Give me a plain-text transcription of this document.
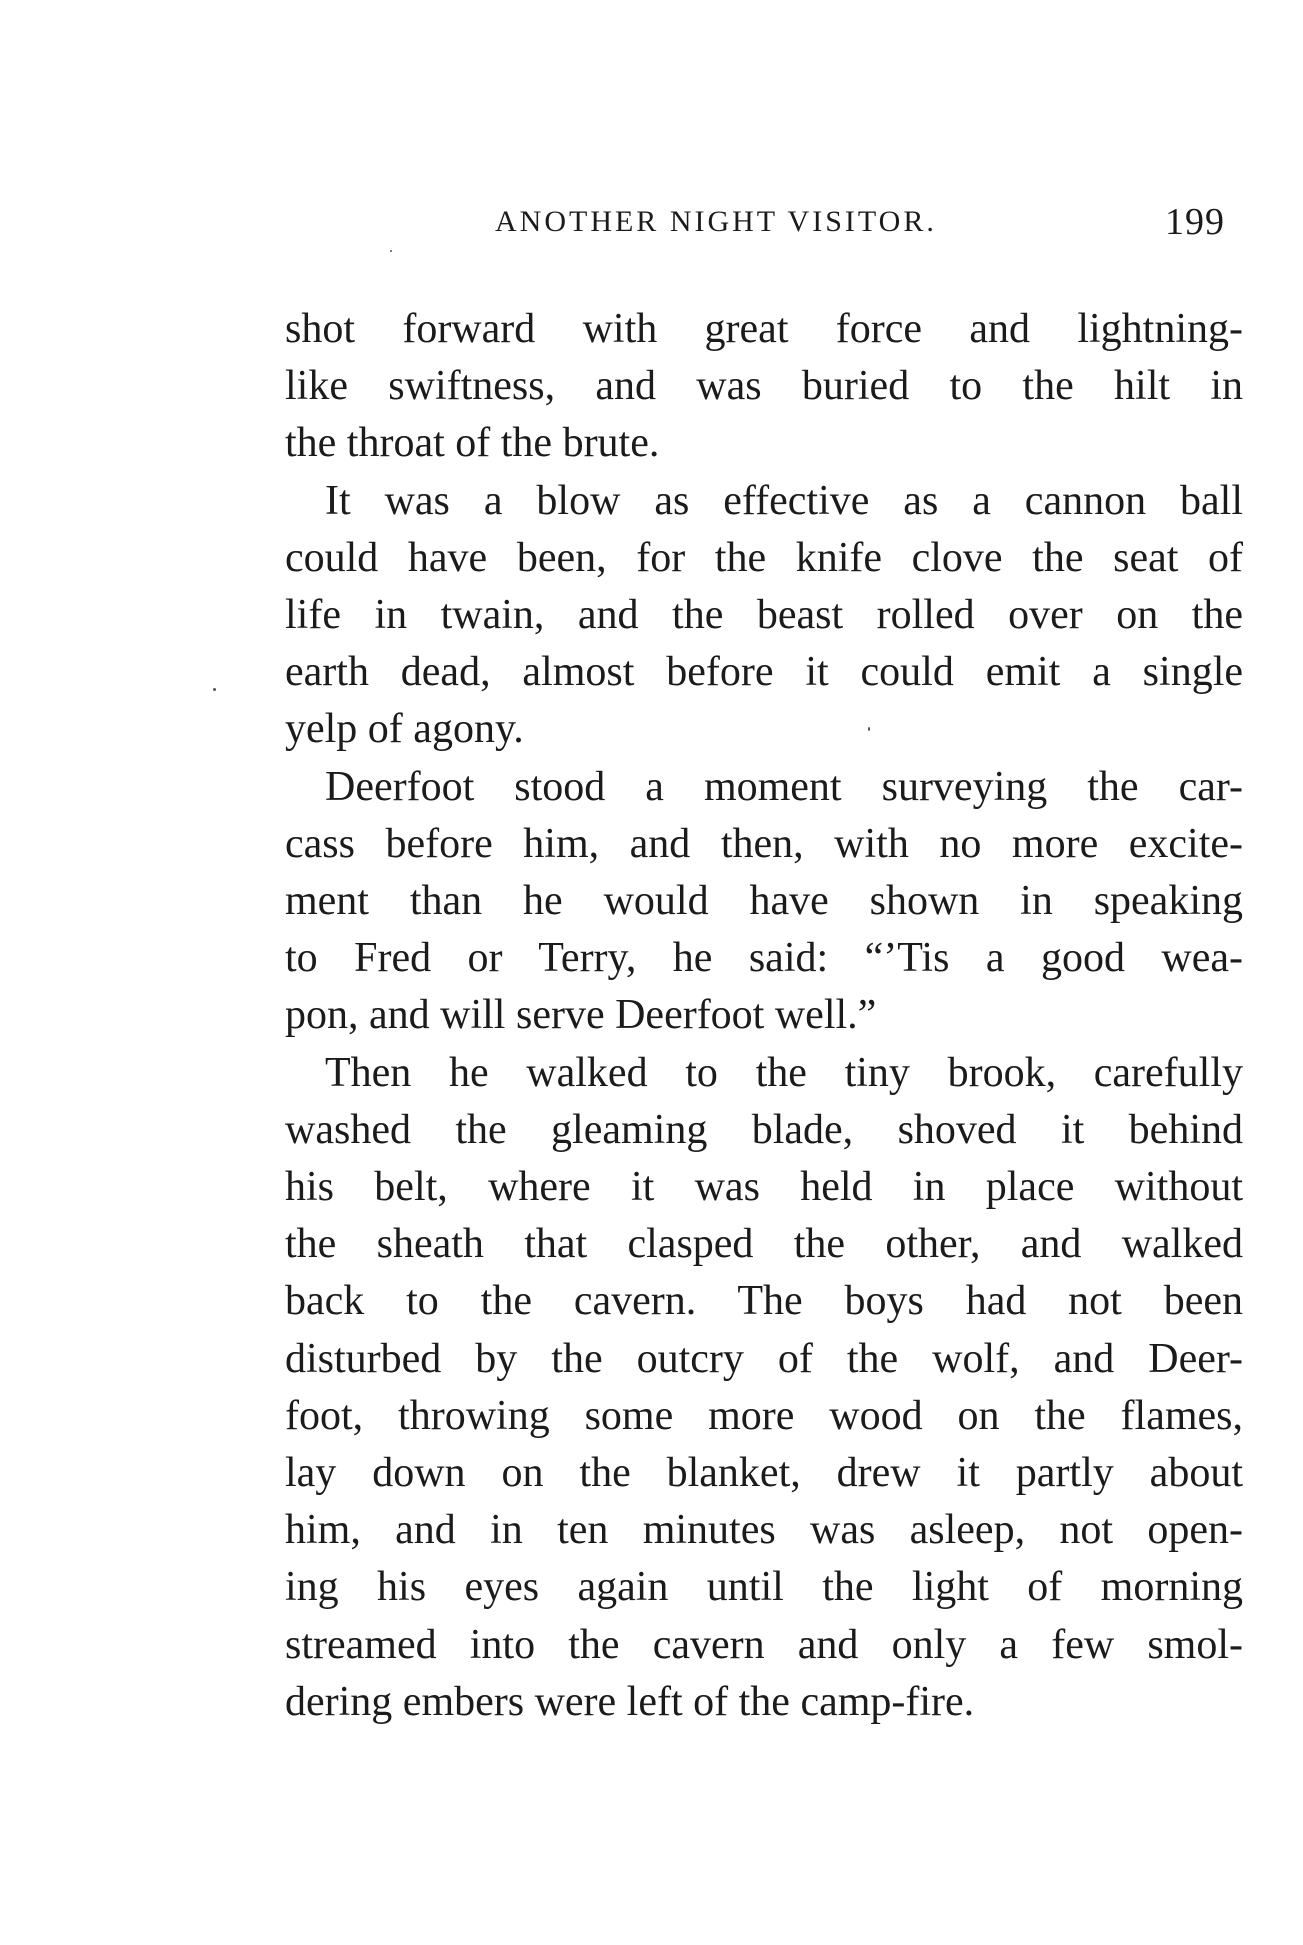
ANOTHER NIGHT VISITOR.	199
shot forward with great force and lightning-
like swiftness, and was buried to the hilt in
the throat of the brute.
It was a blow as effective as a cannon ball
could have been, for the knife clove the seat of
life in twain, and the beast rolled over on the
earth dead, almost before it could emit a single
yelp of agony.
Deerfoot stood a moment surveying the car-
cass before him, and then, with no more excite-
ment than he would have shown in speaking
to Fred or Terry, he said: “’Tis a good wea-
pon, and will serve Deerfoot well.”
Then he walked to the tiny brook, carefully
washed the gleaming blade, shoved it behind
his belt, where it was held in place without
the sheath that clasped the other, and walked
back to the cavern. The boys had not been
disturbed by the outcry of the wolf, and Deer-
foot, throwing some more wood on the flames,
lay down on the blanket, drew it partly about
him, and in ten minutes was asleep, not open-
ing his eyes again until the light of morning
streamed into the cavern and only a few smol-
dering embers were left of the camp-fire.
